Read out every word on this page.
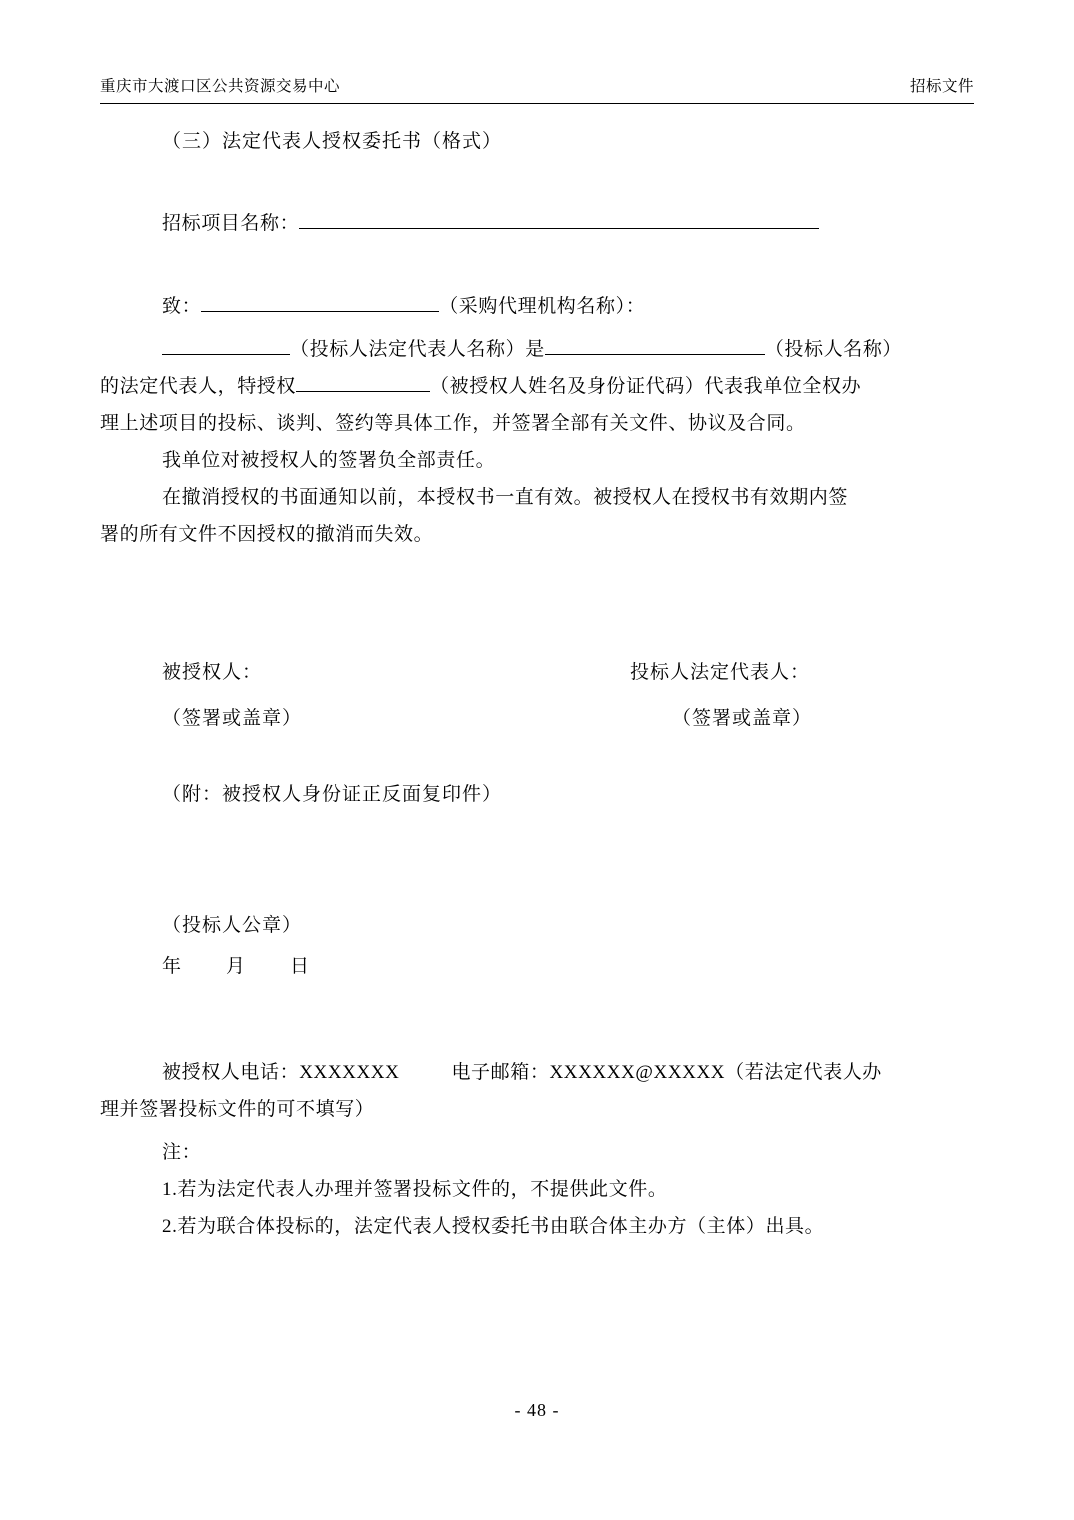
重庆市大渡口区公共资源交易中心	招标文件
（三）法定代表人授权委托书（格式）

招标项目名称：

致：	（采购代理机构名称）：

（投标人法定代表人名称）是	（投标人名称）

的法定代表人，特授权	（被授权人姓名及身份证代码）代表我单位全权办

理上述项目的投标、谈判、签约等具体工作，并签署全部有关文件、协议及合同。

我单位对被授权人的签署负全部责任。

在撤消授权的书面通知以前，本授权书一直有效。被授权人在授权书有效期内签

署的所有文件不因授权的撤消而失效。

被授权人：	投标人法定代表人：
（签署或盖章）	（签署或盖章）
（附：被授权人身份证正反面复印件）
（投标人公章）
年 月 日

被授权人电话：XXXXXXX	电子邮箱：XXXXXX@XXXXX（若法定代表人办

理并签署投标文件的可不填写）

注：

1.若为法定代表人办理并签署投标文件的，不提供此文件。

2.若为联合体投标的，法定代表人授权委托书由联合体主办方（主体）出具。

- 48 -
